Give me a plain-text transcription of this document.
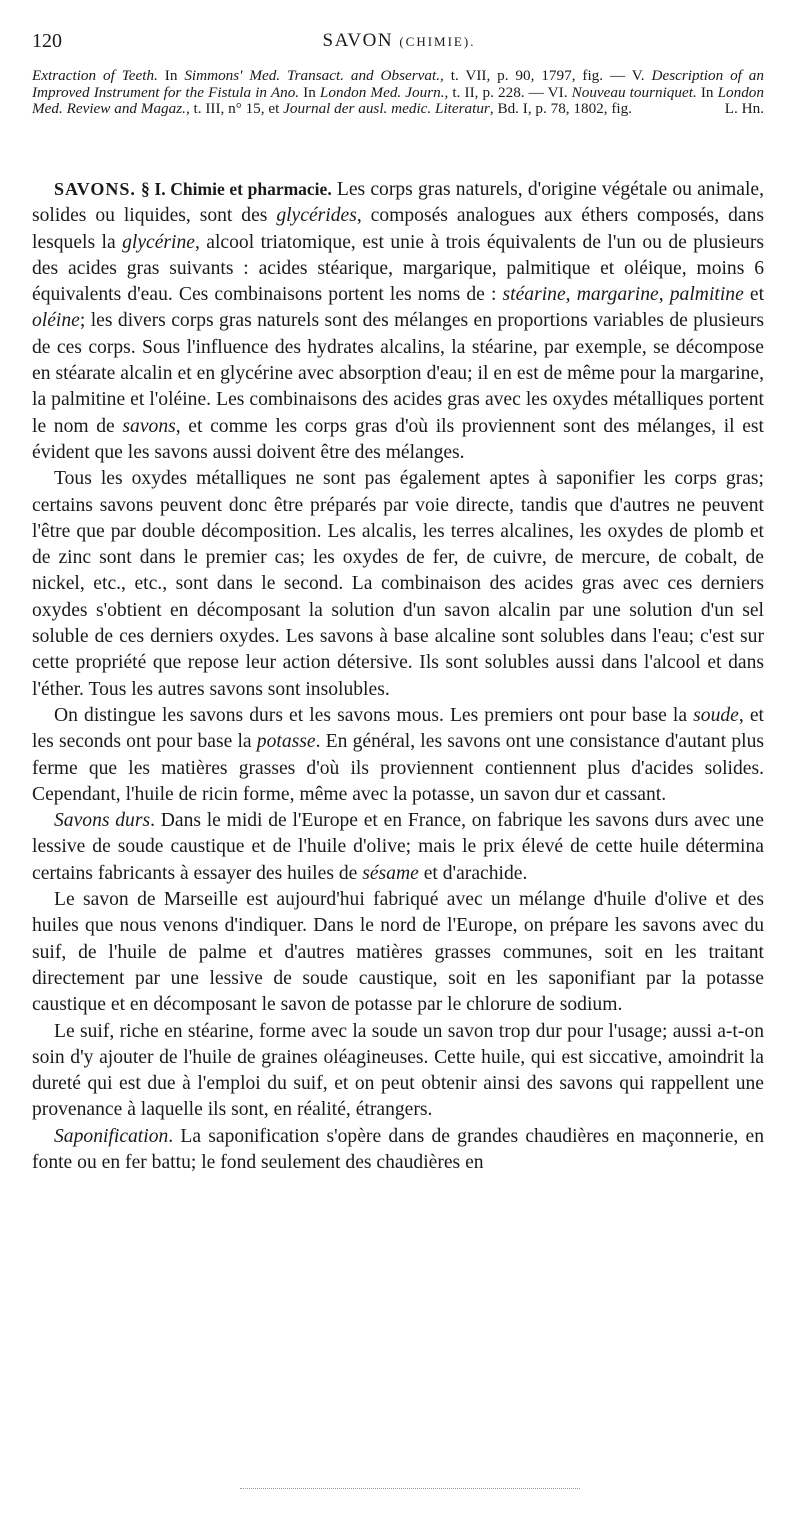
120	SAVON (CHIMIE).
Extraction of Teeth. In Simmons' Med. Transact. and Observat., t. VII, p. 90, 1797, fig. — V. Description of an Improved Instrument for the Fistula in Ano. In London Med. Journ., t. II, p. 228. — VI. Nouveau tourniquet. In London Med. Review and Magaz., t. III, n° 15, et Journal der ausl. medic. Literatur, Bd. I, p. 78, 1802, fig.	L. Hn.

SAVONS. § I. Chimie et pharmacie. Les corps gras naturels, d'origine végétale ou animale, solides ou liquides, sont des glycérides, composés analogues aux éthers composés, dans lesquels la glycérine, alcool triatomique, est unie à trois équivalents de l'un ou de plusieurs des acides gras suivants : acides stéarique, margarique, palmitique et oléique, moins 6 équivalents d'eau. Ces combinaisons portent les noms de : stéarine, margarine, palmitine et oléine; les divers corps gras naturels sont des mélanges en proportions variables de plusieurs de ces corps. Sous l'influence des hydrates alcalins, la stéarine, par exemple, se décompose en stéarate alcalin et en glycérine avec absorption d'eau; il en est de même pour la margarine, la palmitine et l'oléine. Les combinaisons des acides gras avec les oxydes métalliques portent le nom de savons, et comme les corps gras d'où ils proviennent sont des mélanges, il est évident que les savons aussi doivent être des mélanges.

Tous les oxydes métalliques ne sont pas également aptes à saponifier les corps gras; certains savons peuvent donc être préparés par voie directe, tandis que d'autres ne peuvent l'être que par double décomposition. Les alcalis, les terres alcalines, les oxydes de plomb et de zinc sont dans le premier cas; les oxydes de fer, de cuivre, de mercure, de cobalt, de nickel, etc., etc., sont dans le second. La combinaison des acides gras avec ces derniers oxydes s'obtient en décomposant la solution d'un savon alcalin par une solution d'un sel soluble de ces derniers oxydes. Les savons à base alcaline sont solubles dans l'eau; c'est sur cette propriété que repose leur action détersive. Ils sont solubles aussi dans l'alcool et dans l'éther. Tous les autres savons sont insolubles.

On distingue les savons durs et les savons mous. Les premiers ont pour base la soude, et les seconds ont pour base la potasse. En général, les savons ont une consistance d'autant plus ferme que les matières grasses d'où ils proviennent contiennent plus d'acides solides. Cependant, l'huile de ricin forme, même avec la potasse, un savon dur et cassant.

Savons durs. Dans le midi de l'Europe et en France, on fabrique les savons durs avec une lessive de soude caustique et de l'huile d'olive; mais le prix élevé de cette huile détermina certains fabricants à essayer des huiles de sésame et d'arachide.

Le savon de Marseille est aujourd'hui fabriqué avec un mélange d'huile d'olive et des huiles que nous venons d'indiquer. Dans le nord de l'Europe, on prépare les savons avec du suif, de l'huile de palme et d'autres matières grasses communes, soit en les traitant directement par une lessive de soude caustique, soit en les saponifiant par la potasse caustique et en décomposant le savon de potasse par le chlorure de sodium.

Le suif, riche en stéarine, forme avec la soude un savon trop dur pour l'usage; aussi a-t-on soin d'y ajouter de l'huile de graines oléagineuses. Cette huile, qui est siccative, amoindrit la dureté qui est due à l'emploi du suif, et on peut obtenir ainsi des savons qui rappellent une provenance à laquelle ils sont, en réalité, étrangers.

Saponification. La saponification s'opère dans de grandes chaudières en maçonnerie, en fonte ou en fer battu; le fond seulement des chaudières en
